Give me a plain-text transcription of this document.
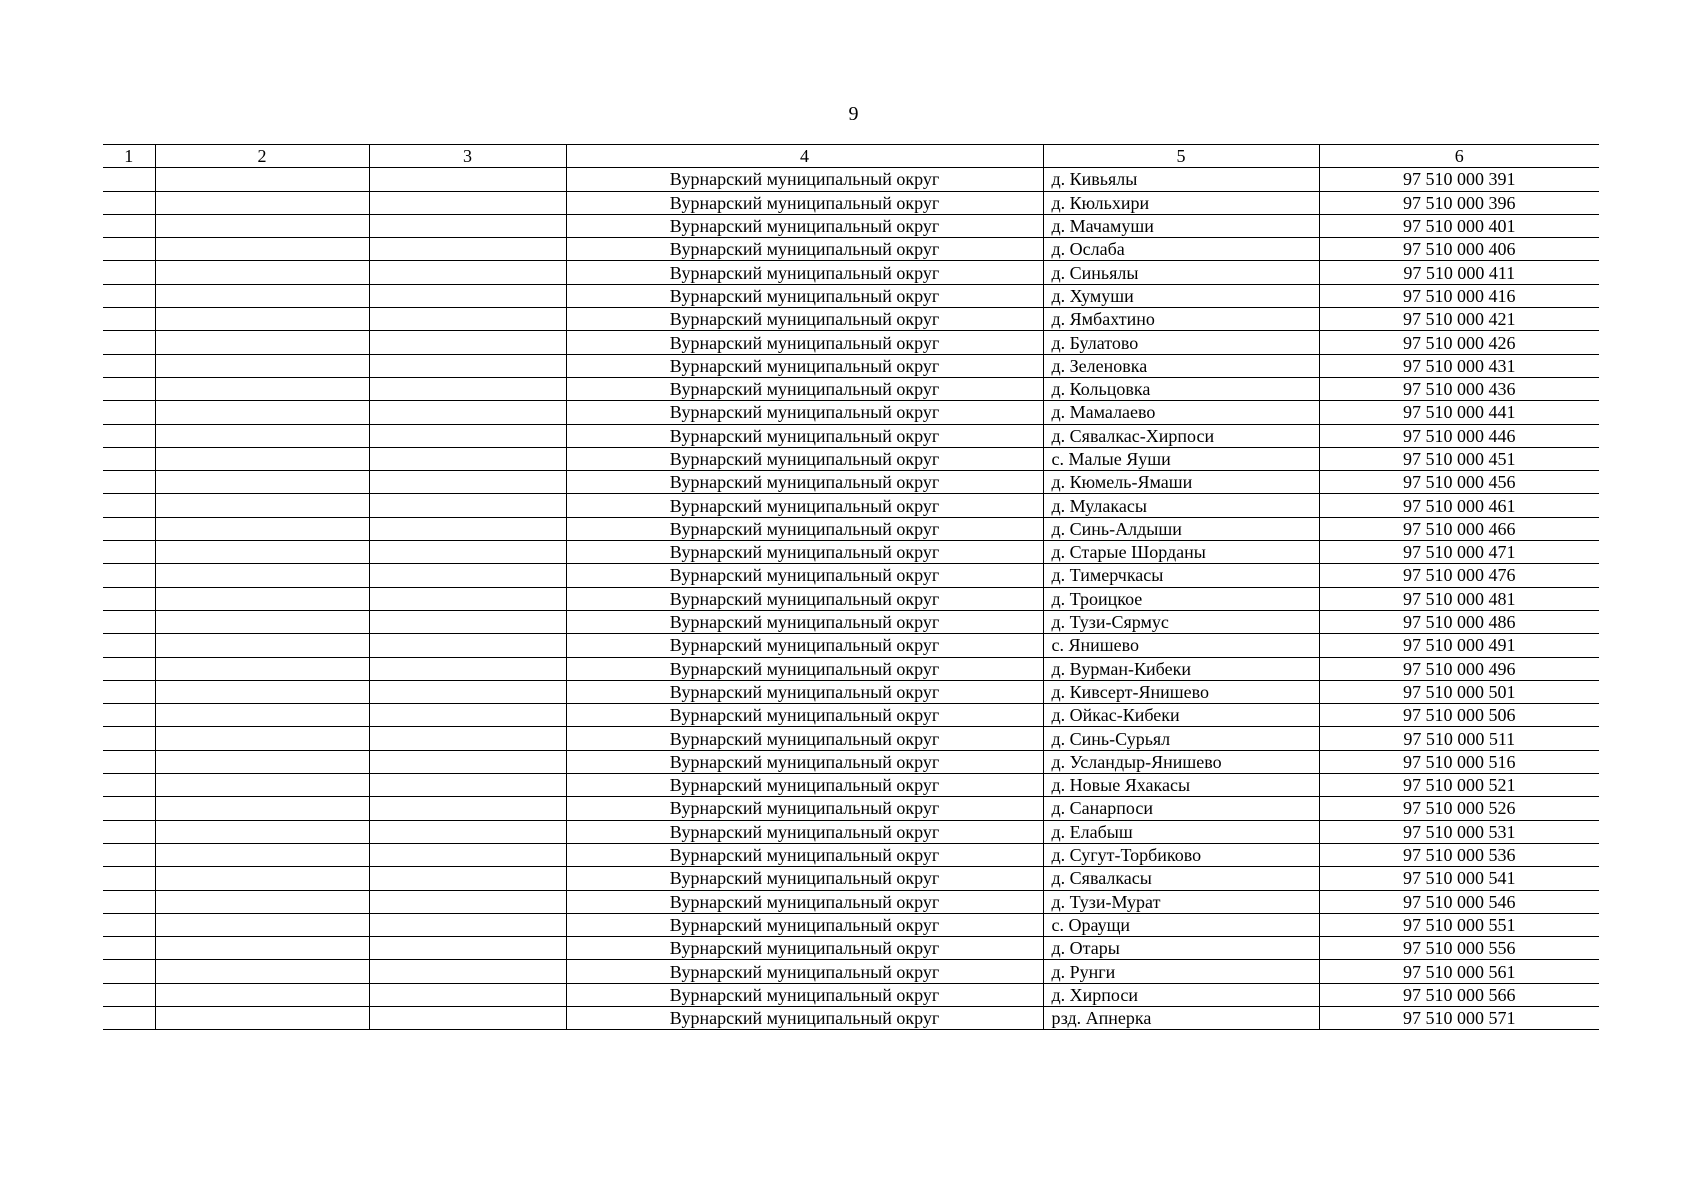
9
1	2	3	4	5	6
			Вурнарский муниципальный округ	д. Кивьялы	97 510 000 391
			Вурнарский муниципальный округ	д. Кюльхири	97 510 000 396
			Вурнарский муниципальный округ	д. Мачамуши	97 510 000 401
			Вурнарский муниципальный округ	д. Ослаба	97 510 000 406
			Вурнарский муниципальный округ	д. Синьялы	97 510 000 411
			Вурнарский муниципальный округ	д. Хумуши	97 510 000 416
			Вурнарский муниципальный округ	д. Ямбахтино	97 510 000 421
			Вурнарский муниципальный округ	д. Булатово	97 510 000 426
			Вурнарский муниципальный округ	д. Зеленовка	97 510 000 431
			Вурнарский муниципальный округ	д. Кольцовка	97 510 000 436
			Вурнарский муниципальный округ	д. Мамалаево	97 510 000 441
			Вурнарский муниципальный округ	д. Сявалкас-Хирпоси	97 510 000 446
			Вурнарский муниципальный округ	с. Малые Яуши	97 510 000 451
			Вурнарский муниципальный округ	д. Кюмель-Ямаши	97 510 000 456
			Вурнарский муниципальный округ	д. Мулакасы	97 510 000 461
			Вурнарский муниципальный округ	д. Синь-Алдыши	97 510 000 466
			Вурнарский муниципальный округ	д. Старые Шорданы	97 510 000 471
			Вурнарский муниципальный округ	д. Тимерчкасы	97 510 000 476
			Вурнарский муниципальный округ	д. Троицкое	97 510 000 481
			Вурнарский муниципальный округ	д. Тузи-Сярмус	97 510 000 486
			Вурнарский муниципальный округ	с. Янишево	97 510 000 491
			Вурнарский муниципальный округ	д. Вурман-Кибеки	97 510 000 496
			Вурнарский муниципальный округ	д. Кивсерт-Янишево	97 510 000 501
			Вурнарский муниципальный округ	д. Ойкас-Кибеки	97 510 000 506
			Вурнарский муниципальный округ	д. Синь-Сурьял	97 510 000 511
			Вурнарский муниципальный округ	д. Усландыр-Янишево	97 510 000 516
			Вурнарский муниципальный округ	д. Новые Яхакасы	97 510 000 521
			Вурнарский муниципальный округ	д. Санарпоси	97 510 000 526
			Вурнарский муниципальный округ	д. Елабыш	97 510 000 531
			Вурнарский муниципальный округ	д. Сугут-Торбиково	97 510 000 536
			Вурнарский муниципальный округ	д. Сявалкасы	97 510 000 541
			Вурнарский муниципальный округ	д. Тузи-Мурат	97 510 000 546
			Вурнарский муниципальный округ	с. Ораущи	97 510 000 551
			Вурнарский муниципальный округ	д. Отары	97 510 000 556
			Вурнарский муниципальный округ	д. Рунги	97 510 000 561
			Вурнарский муниципальный округ	д. Хирпоси	97 510 000 566
			Вурнарский муниципальный округ	рзд. Апнерка	97 510 000 571
